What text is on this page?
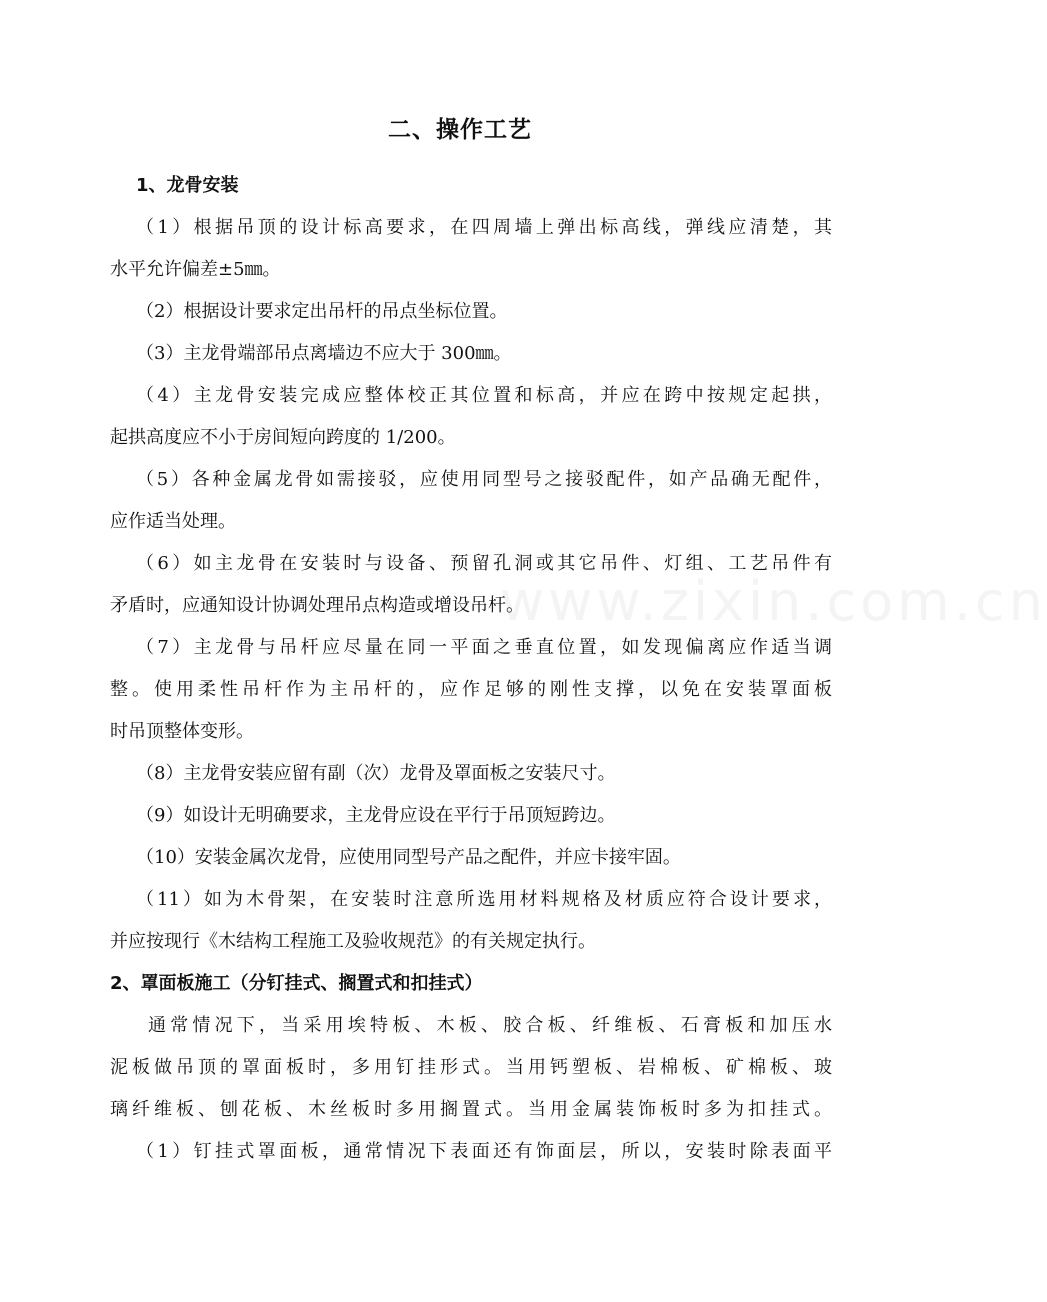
www.zixin.com.cn
二、操作工艺
1、龙骨安装
（1）根据吊顶的设计标高要求，在四周墙上弹出标高线，弹线应清楚，其
水平允许偏差±5㎜。
（2）根据设计要求定出吊杆的吊点坐标位置。
（3）主龙骨端部吊点离墙边不应大于 300㎜。
（4）主龙骨安装完成应整体校正其位置和标高，并应在跨中按规定起拱，
起拱高度应不小于房间短向跨度的 1/200。
（5）各种金属龙骨如需接驳，应使用同型号之接驳配件，如产品确无配件，
应作适当处理。
（6）如主龙骨在安装时与设备、预留孔洞或其它吊件、灯组、工艺吊件有
矛盾时，应通知设计协调处理吊点构造或增设吊杆。
（7）主龙骨与吊杆应尽量在同一平面之垂直位置，如发现偏离应作适当调
整。使用柔性吊杆作为主吊杆的，应作足够的刚性支撑，以免在安装罩面板
时吊顶整体变形。
（8）主龙骨安装应留有副（次）龙骨及罩面板之安装尺寸。
（9）如设计无明确要求，主龙骨应设在平行于吊顶短跨边。
（10）安装金属次龙骨，应使用同型号产品之配件，并应卡接牢固。
（11）如为木骨架，在安装时注意所选用材料规格及材质应符合设计要求，
并应按现行《木结构工程施工及验收规范》的有关规定执行。
2、罩面板施工（分钉挂式、搁置式和扣挂式）
通常情况下，当采用埃特板、木板、胶合板、纤维板、石膏板和加压水
泥板做吊顶的罩面板时，多用钉挂形式。当用钙塑板、岩棉板、矿棉板、玻
璃纤维板、刨花板、木丝板时多用搁置式。当用金属装饰板时多为扣挂式。
（1）钉挂式罩面板，通常情况下表面还有饰面层，所以，安装时除表面平
